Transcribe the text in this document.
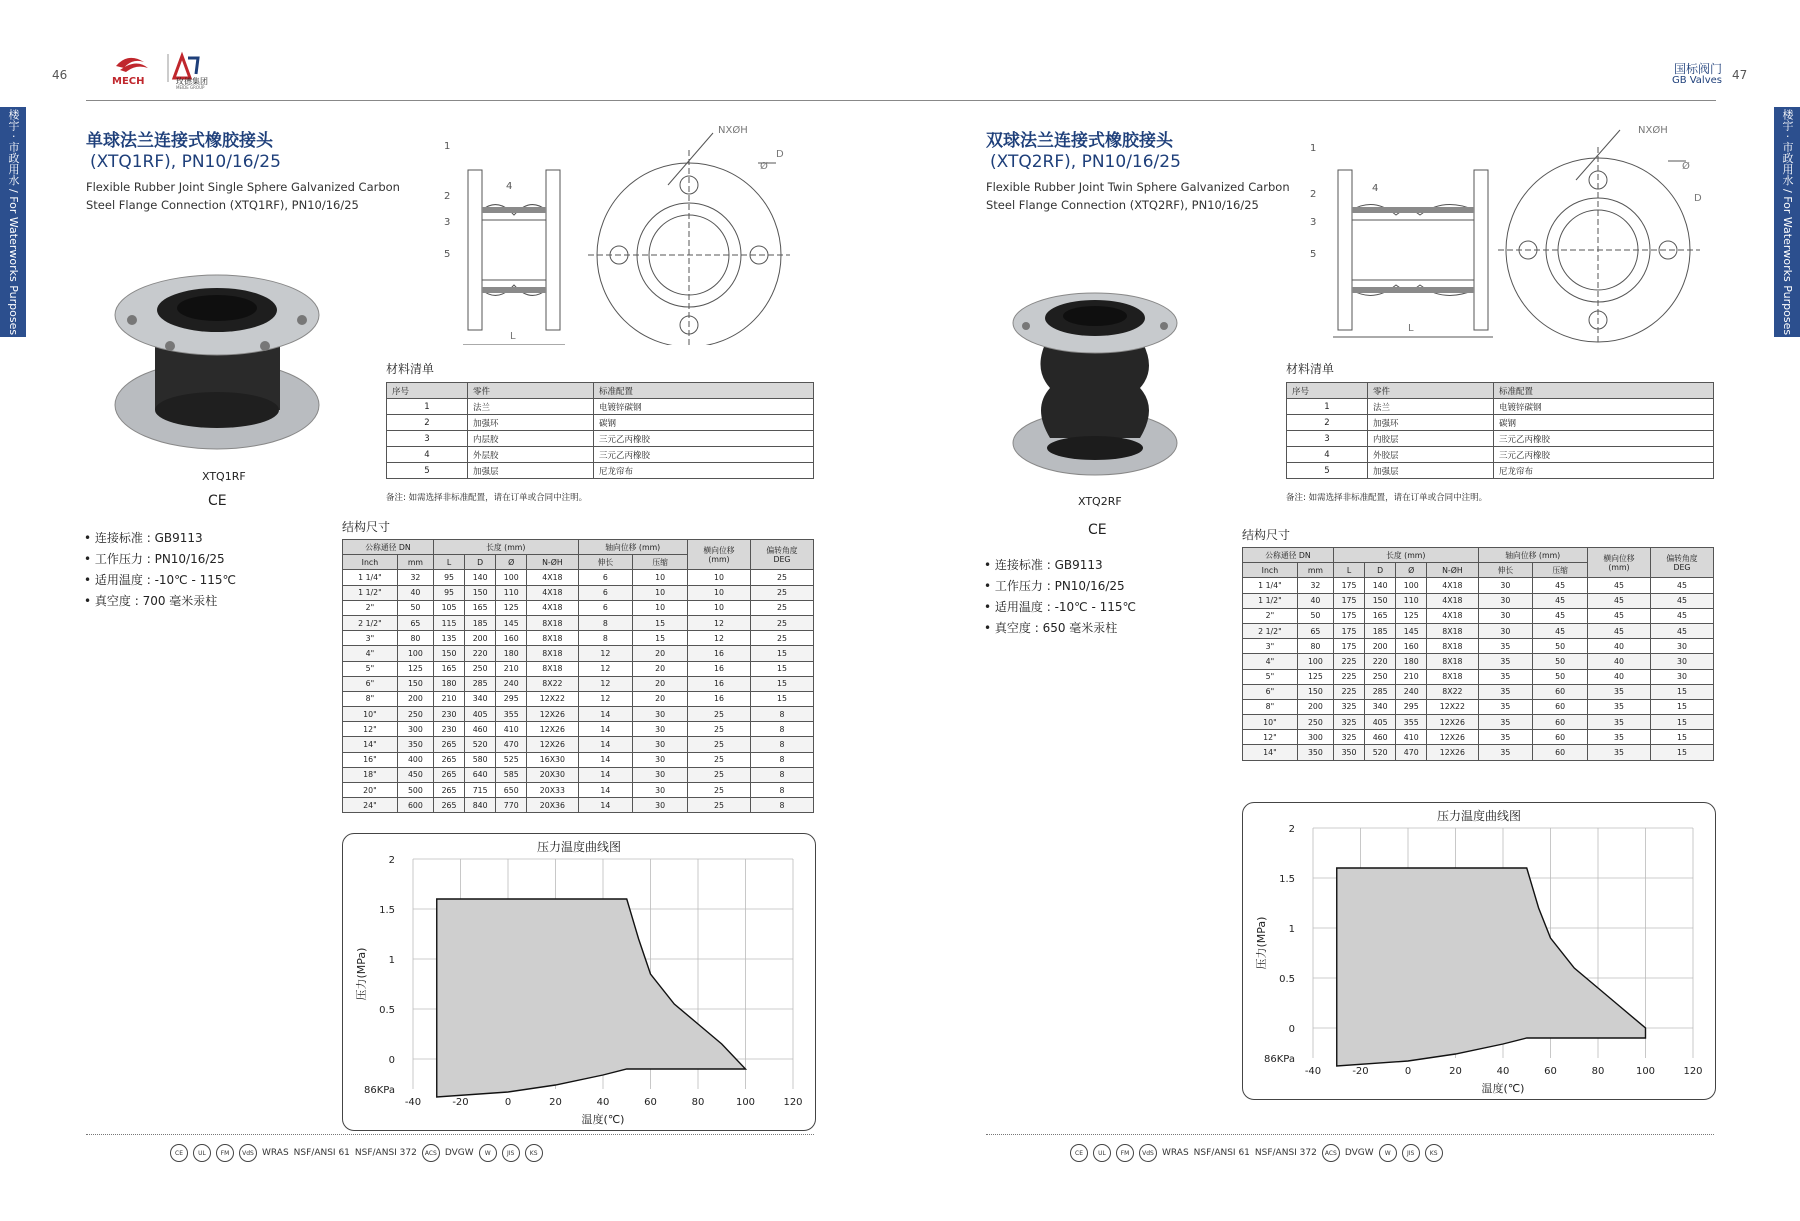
46	MECH	玫德集团
MEIDE GROUP
国标阀门
GB Valves 47
楼宇 · 市政用水 / For Waterworks Purposes	楼宇 · 市政用水 / For Waterworks Purposes
单球法兰连接式橡胶接头
(XTQ1RF), PN10/16/25
Flexible Rubber Joint Single Sphere Galvanized Carbon Steel Flange Connection (XTQ1RF), PN10/16/25
XTQ1RF
CE
• 连接标准 : GB9113
• 工作压力 : PN10/16/25
• 适用温度 : -10℃ - 115℃
• 真空度 : 700 毫米汞柱
1
2
3
4
5
NXØH
Ø
D
L
材料清单
序号	零件	标准配置
1	法兰	电镀锌碳钢
2	加强环	碳钢
3	内层胶	三元乙丙橡胶
4	外层胶	三元乙丙橡胶
5	加强层	尼龙帘布
备注: 如需选择非标准配置，请在订单或合同中注明。
结构尺寸
公称通径 DN		长度 (mm)				轴向位移 (mm)		横向位移
(mm)	偏转角度
DEG
Inch	mm	L	D	Ø	N-ØH	伸长	压缩		
1 1/4"	32	95	140	100	4X18	6	10	10	25
1 1/2"	40	95	150	110	4X18	6	10	10	25
2"	50	105	165	125	4X18	6	10	10	25
2 1/2"	65	115	185	145	8X18	8	15	12	25
3"	80	135	200	160	8X18	8	15	12	25
4"	100	150	220	180	8X18	12	20	16	15
5"	125	165	250	210	8X18	12	20	16	15
6"	150	180	285	240	8X22	12	20	16	15
8"	200	210	340	295	12X22	12	20	16	15
10"	250	230	405	355	12X26	14	30	25	8
12"	300	230	460	410	12X26	14	30	25	8
14"	350	265	520	470	12X26	14	30	25	8
16"	400	265	580	525	16X30	14	30	25	8
18"	450	265	640	585	20X30	14	30	25	8
20"	500	265	715	650	20X33	14	30	25	8
24"	600	265	840	770	20X36	14	30	25	8
压力温度曲线图
-40	-20	0	20	40	60	80	100	120
2
1.5
1
0.5
0
86KPa
温度(℃)
压力(MPa)
双球法兰连接式橡胶接头
(XTQ2RF), PN10/16/25
Flexible Rubber Joint Twin Sphere Galvanized Carbon Steel Flange Connection (XTQ2RF), PN10/16/25
XTQ2RF
CE
• 连接标准 : GB9113
• 工作压力 : PN10/16/25
• 适用温度 : -10℃ - 115℃
• 真空度 : 650 毫米汞柱
1
2
3
4
5
NXØH
Ø
D
L
材料清单
序号	零件	标准配置
1	法兰	电镀锌碳钢
2	加强环	碳钢
3	内胶层	三元乙丙橡胶
4	外胶层	三元乙丙橡胶
5	加强层	尼龙帘布
备注: 如需选择非标准配置，请在订单或合同中注明。
结构尺寸
公称通径 DN		长度 (mm)				轴向位移 (mm)		横向位移
(mm)	偏转角度
DEG
Inch	mm	L	D	Ø	N-ØH	伸长	压缩		
1 1/4"	32	175	140	100	4X18	30	45	45	45
1 1/2"	40	175	150	110	4X18	30	45	45	45
2"	50	175	165	125	4X18	30	45	45	45
2 1/2"	65	175	185	145	8X18	30	45	45	45
3"	80	175	200	160	8X18	35	50	40	30
4"	100	225	220	180	8X18	35	50	40	30
5"	125	225	250	210	8X18	35	50	40	30
6"	150	225	285	240	8X22	35	60	35	15
8"	200	325	340	295	12X22	35	60	35	15
10"	250	325	405	355	12X26	35	60	35	15
12"	300	325	460	410	12X26	35	60	35	15
14"	350	350	520	470	12X26	35	60	35	15
压力温度曲线图
-40	-20	0	20	40	60	80	100	120
2
1.5
1
0.5
0
86KPa
温度(℃)
压力(MPa)
CE	UL	FM	VdS WRAS NSF/ANSI 61 NSF/ANSI 372	ACS DVGW	W	JIS	KS	CE	UL	FM	VdS WRAS NSF/ANSI 61 NSF/ANSI 372	ACS DVGW	W	JIS	KS
